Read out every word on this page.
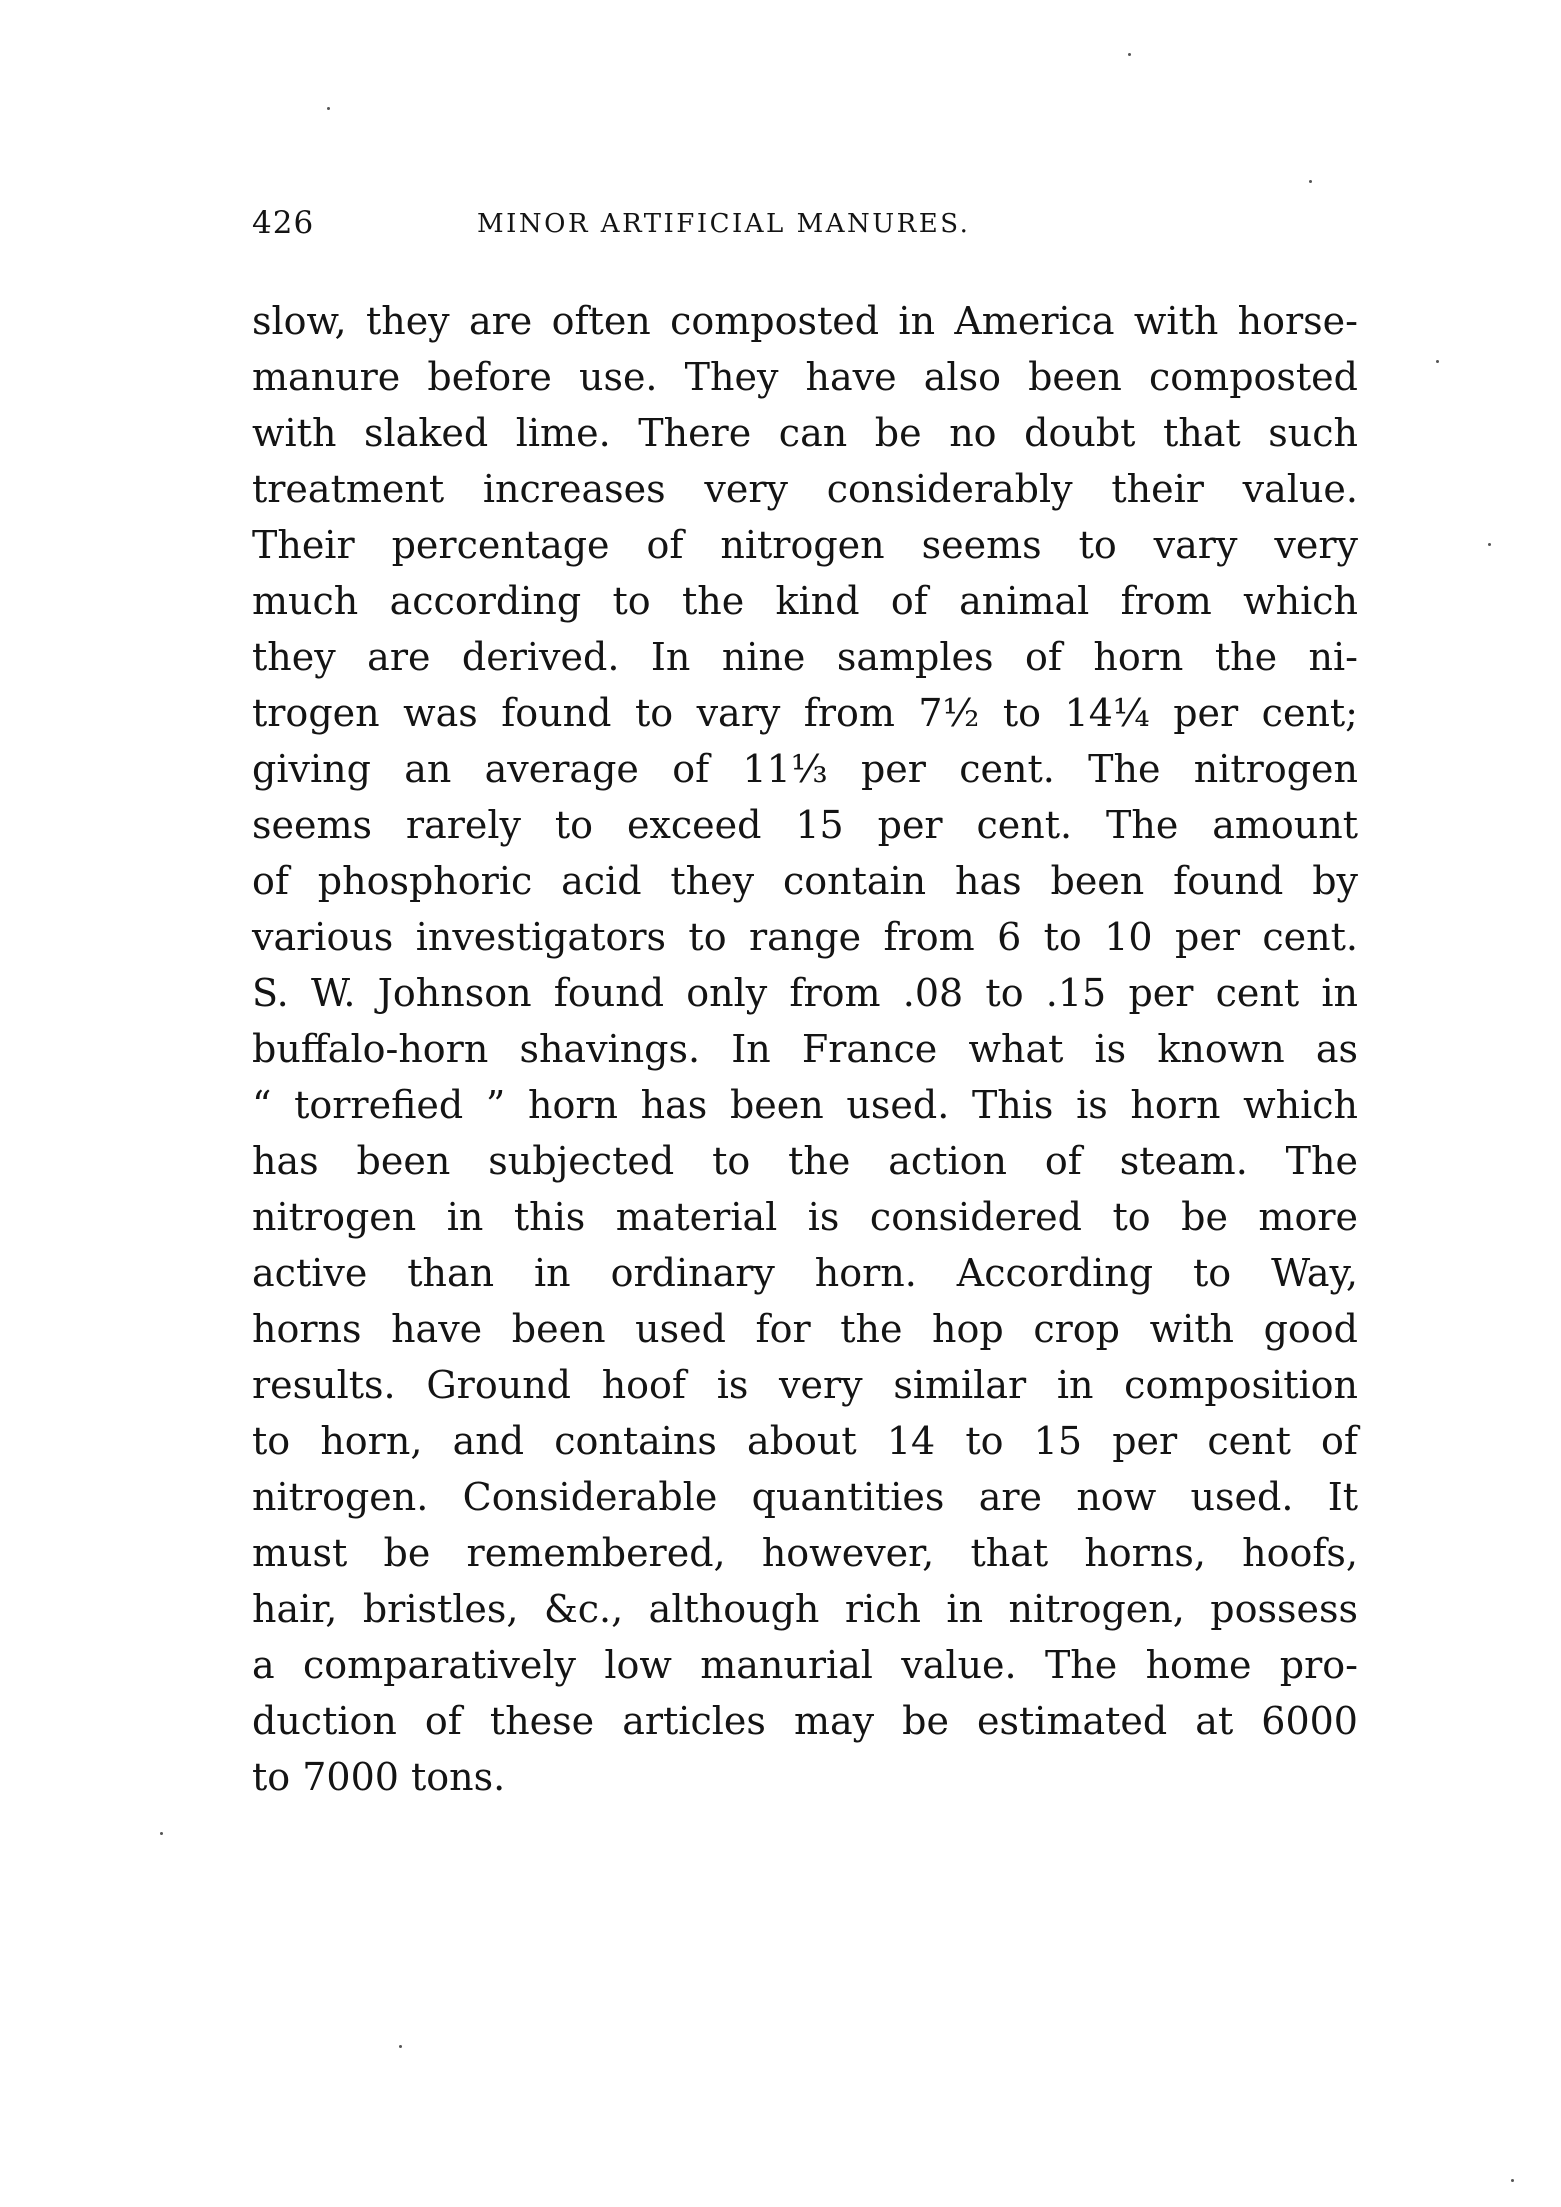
426	MINOR ARTIFICIAL MANURES.
slow, they are often composted in America with horse-
manure before use. They have also been composted
with slaked lime. There can be no doubt that such
treatment increases very considerably their value.
Their percentage of nitrogen seems to vary very
much according to the kind of animal from which
they are derived. In nine samples of horn the ni-
trogen was found to vary from 7½ to 14¼ per cent;
giving an average of 11⅓ per cent. The nitrogen
seems rarely to exceed 15 per cent. The amount
of phosphoric acid they contain has been found by
various investigators to range from 6 to 10 per cent.
S. W. Johnson found only from .08 to .15 per cent in
buffalo-horn shavings. In France what is known as
“ torrefied ” horn has been used. This is horn which
has been subjected to the action of steam. The
nitrogen in this material is considered to be more
active than in ordinary horn. According to Way,
horns have been used for the hop crop with good
results. Ground hoof is very similar in composition
to horn, and contains about 14 to 15 per cent of
nitrogen. Considerable quantities are now used. It
must be remembered, however, that horns, hoofs,
hair, bristles, &c., although rich in nitrogen, possess
a comparatively low manurial value. The home pro-
duction of these articles may be estimated at 6000
to 7000 tons.
